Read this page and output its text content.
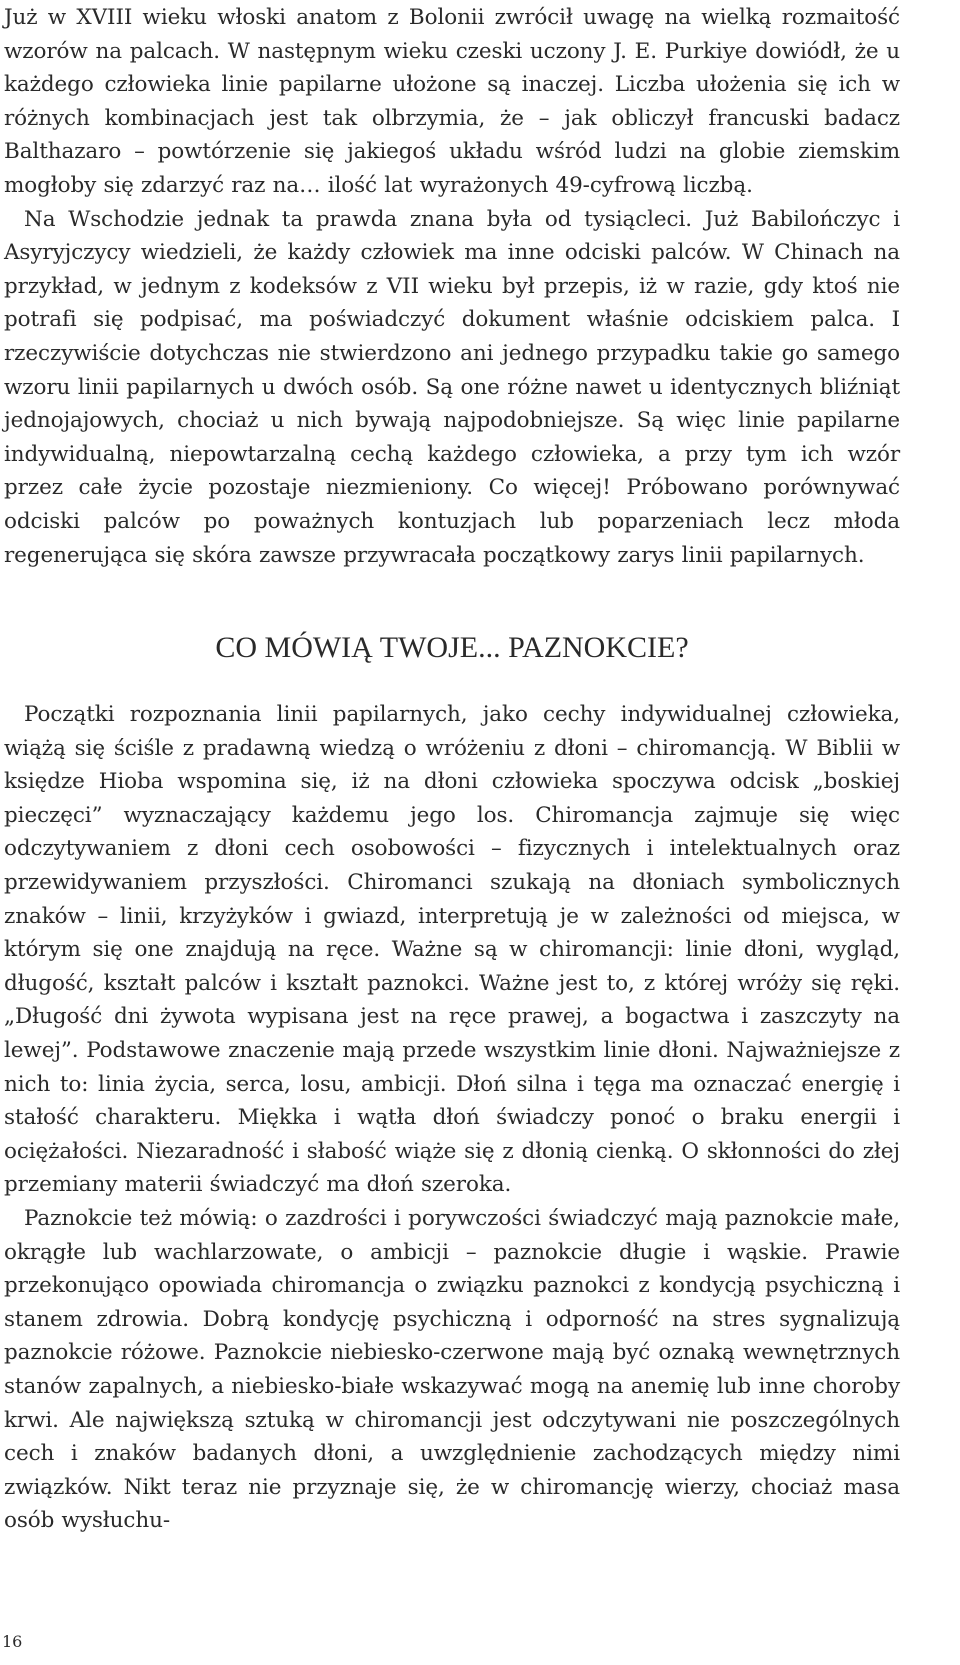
Już w XVIII wieku włoski anatom z Bolonii zwrócił uwagę na wielką rozmaitość wzorów na palcach. W następnym wieku czeski uczony J. E. Purkiye dowiódł, że u każdego człowieka linie papilarne ułożone są inaczej. Liczba ułożenia się ich w różnych kombinacjach jest tak olbrzymia, że – jak obliczył francuski badacz Balthazaro – powtórzenie się jakiegoś układu wśród ludzi na globie ziemskim mogłoby się zdarzyć raz na… ilość lat wyrażonych 49-cyfrową liczbą.

Na Wschodzie jednak ta prawda znana była od tysiącleci. Już Babilończyc i Asyryjczycy wiedzieli, że każdy człowiek ma inne odciski palców. W Chinach na przykład, w jednym z kodeksów z VII wieku był przepis, iż w razie, gdy ktoś nie potrafi się podpisać, ma poświadczyć dokument właśnie odciskiem palca. I rzeczywiście dotychczas nie stwierdzono ani jednego przypadku takie go samego wzoru linii papilarnych u dwóch osób. Są one różne nawet u identycznych bliźniąt jednojajowych, chociaż u nich bywają najpodobniejsze. Są więc linie papilarne indywidualną, niepowtarzalną cechą każdego człowieka, a przy tym ich wzór przez całe życie pozostaje niezmieniony. Co więcej! Próbowano porównywać odciski palców po poważnych kontuzjach lub poparzeniach lecz młoda regenerująca się skóra zawsze przywracała początkowy zarys linii papilarnych.

CO MÓWIĄ TWOJE... PAZNOKCIE?

Początki rozpoznania linii papilarnych, jako cechy indywidualnej człowieka, wiążą się ściśle z pradawną wiedzą o wróżeniu z dłoni – chiromancją. W Biblii w księdze Hioba wspomina się, iż na dłoni człowieka spoczywa odcisk „boskiej pieczęci” wyznaczający każdemu jego los. Chiromancja zajmuje się więc odczytywaniem z dłoni cech osobowości – fizycznych i intelektualnych oraz przewidywaniem przyszłości. Chiromanci szukają na dłoniach symbolicznych znaków – linii, krzyżyków i gwiazd, interpretują je w zależności od miejsca, w którym się one znajdują na ręce. Ważne są w chiromancji: linie dłoni, wygląd, długość, kształt palców i kształt paznokci. Ważne jest to, z której wróży się ręki. „Długość dni żywota wypisana jest na ręce prawej, a bogactwa i zaszczyty na lewej”. Podstawowe znaczenie mają przede wszystkim linie dłoni. Najważniejsze z nich to: linia życia, serca, losu, ambicji. Dłoń silna i tęga ma oznaczać energię i stałość charakteru. Miękka i wątła dłoń świadczy ponoć o braku energii i ociężałości. Niezaradność i słabość wiąże się z dłonią cienką. O skłonności do złej przemiany materii świadczyć ma dłoń szeroka.

Paznokcie też mówią: o zazdrości i porywczości świadczyć mają paznokcie małe, okrągłe lub wachlarzowate, o ambicji – paznokcie długie i wąskie. Prawie przekonująco opowiada chiromancja o związku paznokci z kondycją psychiczną i stanem zdrowia. Dobrą kondycję psychiczną i odporność na stres sygnalizują paznokcie różowe. Paznokcie niebiesko-czerwone mają być oznaką wewnętrznych stanów zapalnych, a niebiesko-białe wskazywać mogą na anemię lub inne choroby krwi. Ale największą sztuką w chiromancji jest odczytywani nie poszczególnych cech i znaków badanych dłoni, a uwzględnienie zachodzących między nimi związków. Nikt teraz nie przyznaje się, że w chiromancję wierzy, chociaż masa osób wysłuchu-

16
